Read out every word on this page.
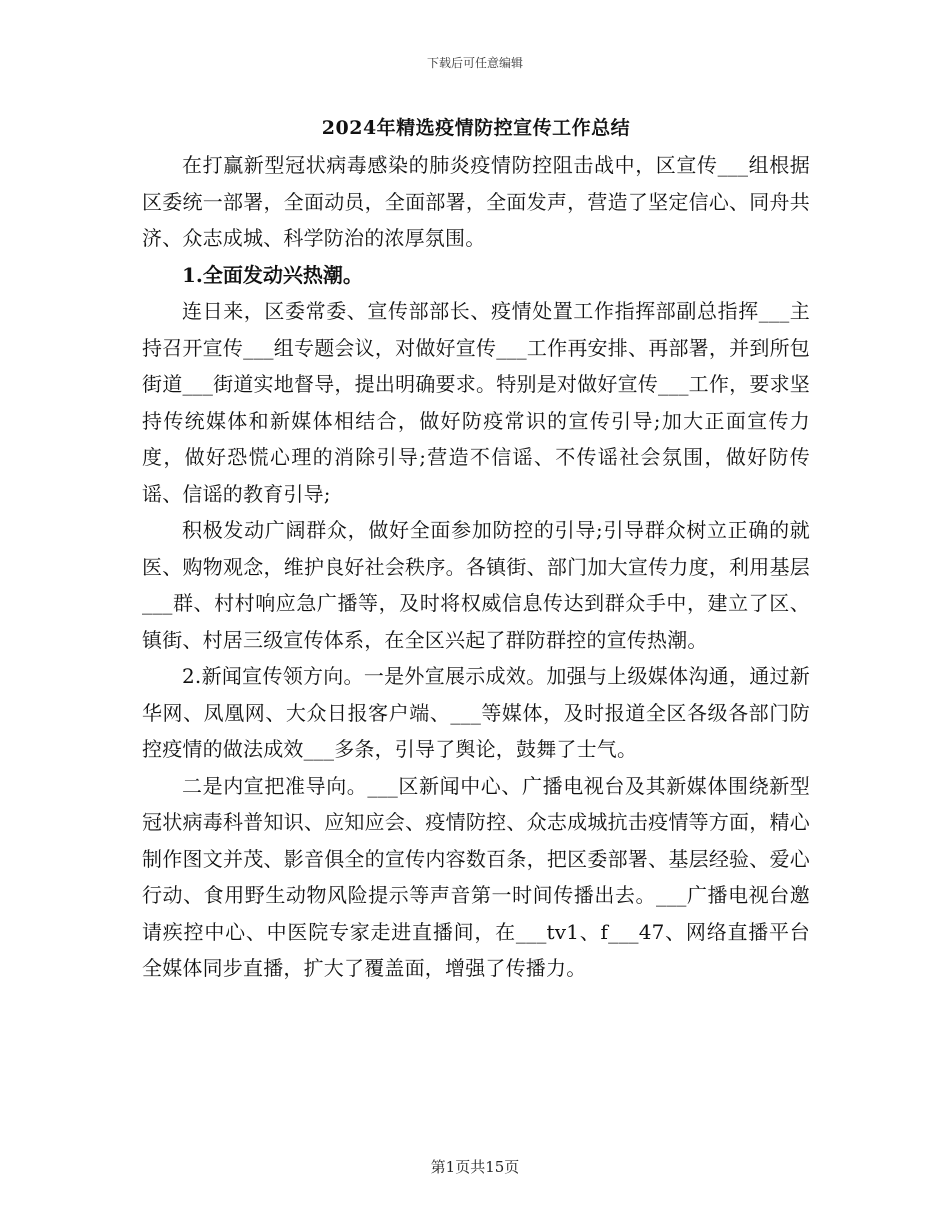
下载后可任意编辑
2024年精选疫情防控宣传工作总结

在打赢新型冠状病毒感染的肺炎疫情防控阻击战中，区宣传___组根据区委统一部署，全面动员，全面部署，全面发声，营造了坚定信心、同舟共济、众志成城、科学防治的浓厚氛围。

1.全面发动兴热潮。

连日来，区委常委、宣传部部长、疫情处置工作指挥部副总指挥___主持召开宣传___组专题会议，对做好宣传___工作再安排、再部署，并到所包街道___街道实地督导，提出明确要求。特别是对做好宣传___工作，要求坚持传统媒体和新媒体相结合，做好防疫常识的宣传引导;加大正面宣传力度，做好恐慌心理的消除引导;营造不信谣、不传谣社会氛围，做好防传谣、信谣的教育引导;

积极发动广阔群众，做好全面参加防控的引导;引导群众树立正确的就医、购物观念，维护良好社会秩序。各镇街、部门加大宣传力度，利用基层___群、村村响应急广播等，及时将权威信息传达到群众手中，建立了区、镇街、村居三级宣传体系，在全区兴起了群防群控的宣传热潮。

2.新闻宣传领方向。一是外宣展示成效。加强与上级媒体沟通，通过新华网、凤凰网、大众日报客户端、___等媒体，及时报道全区各级各部门防控疫情的做法成效___多条，引导了舆论，鼓舞了士气。

二是内宣把准导向。___区新闻中心、广播电视台及其新媒体围绕新型冠状病毒科普知识、应知应会、疫情防控、众志成城抗击疫情等方面，精心制作图文并茂、影音俱全的宣传内容数百条，把区委部署、基层经验、爱心行动、食用野生动物风险提示等声音第一时间传播出去。___广播电视台邀请疾控中心、中医院专家走进直播间，在___tv1、f___47、网络直播平台全媒体同步直播，扩大了覆盖面，增强了传播力。

第1页共15页
